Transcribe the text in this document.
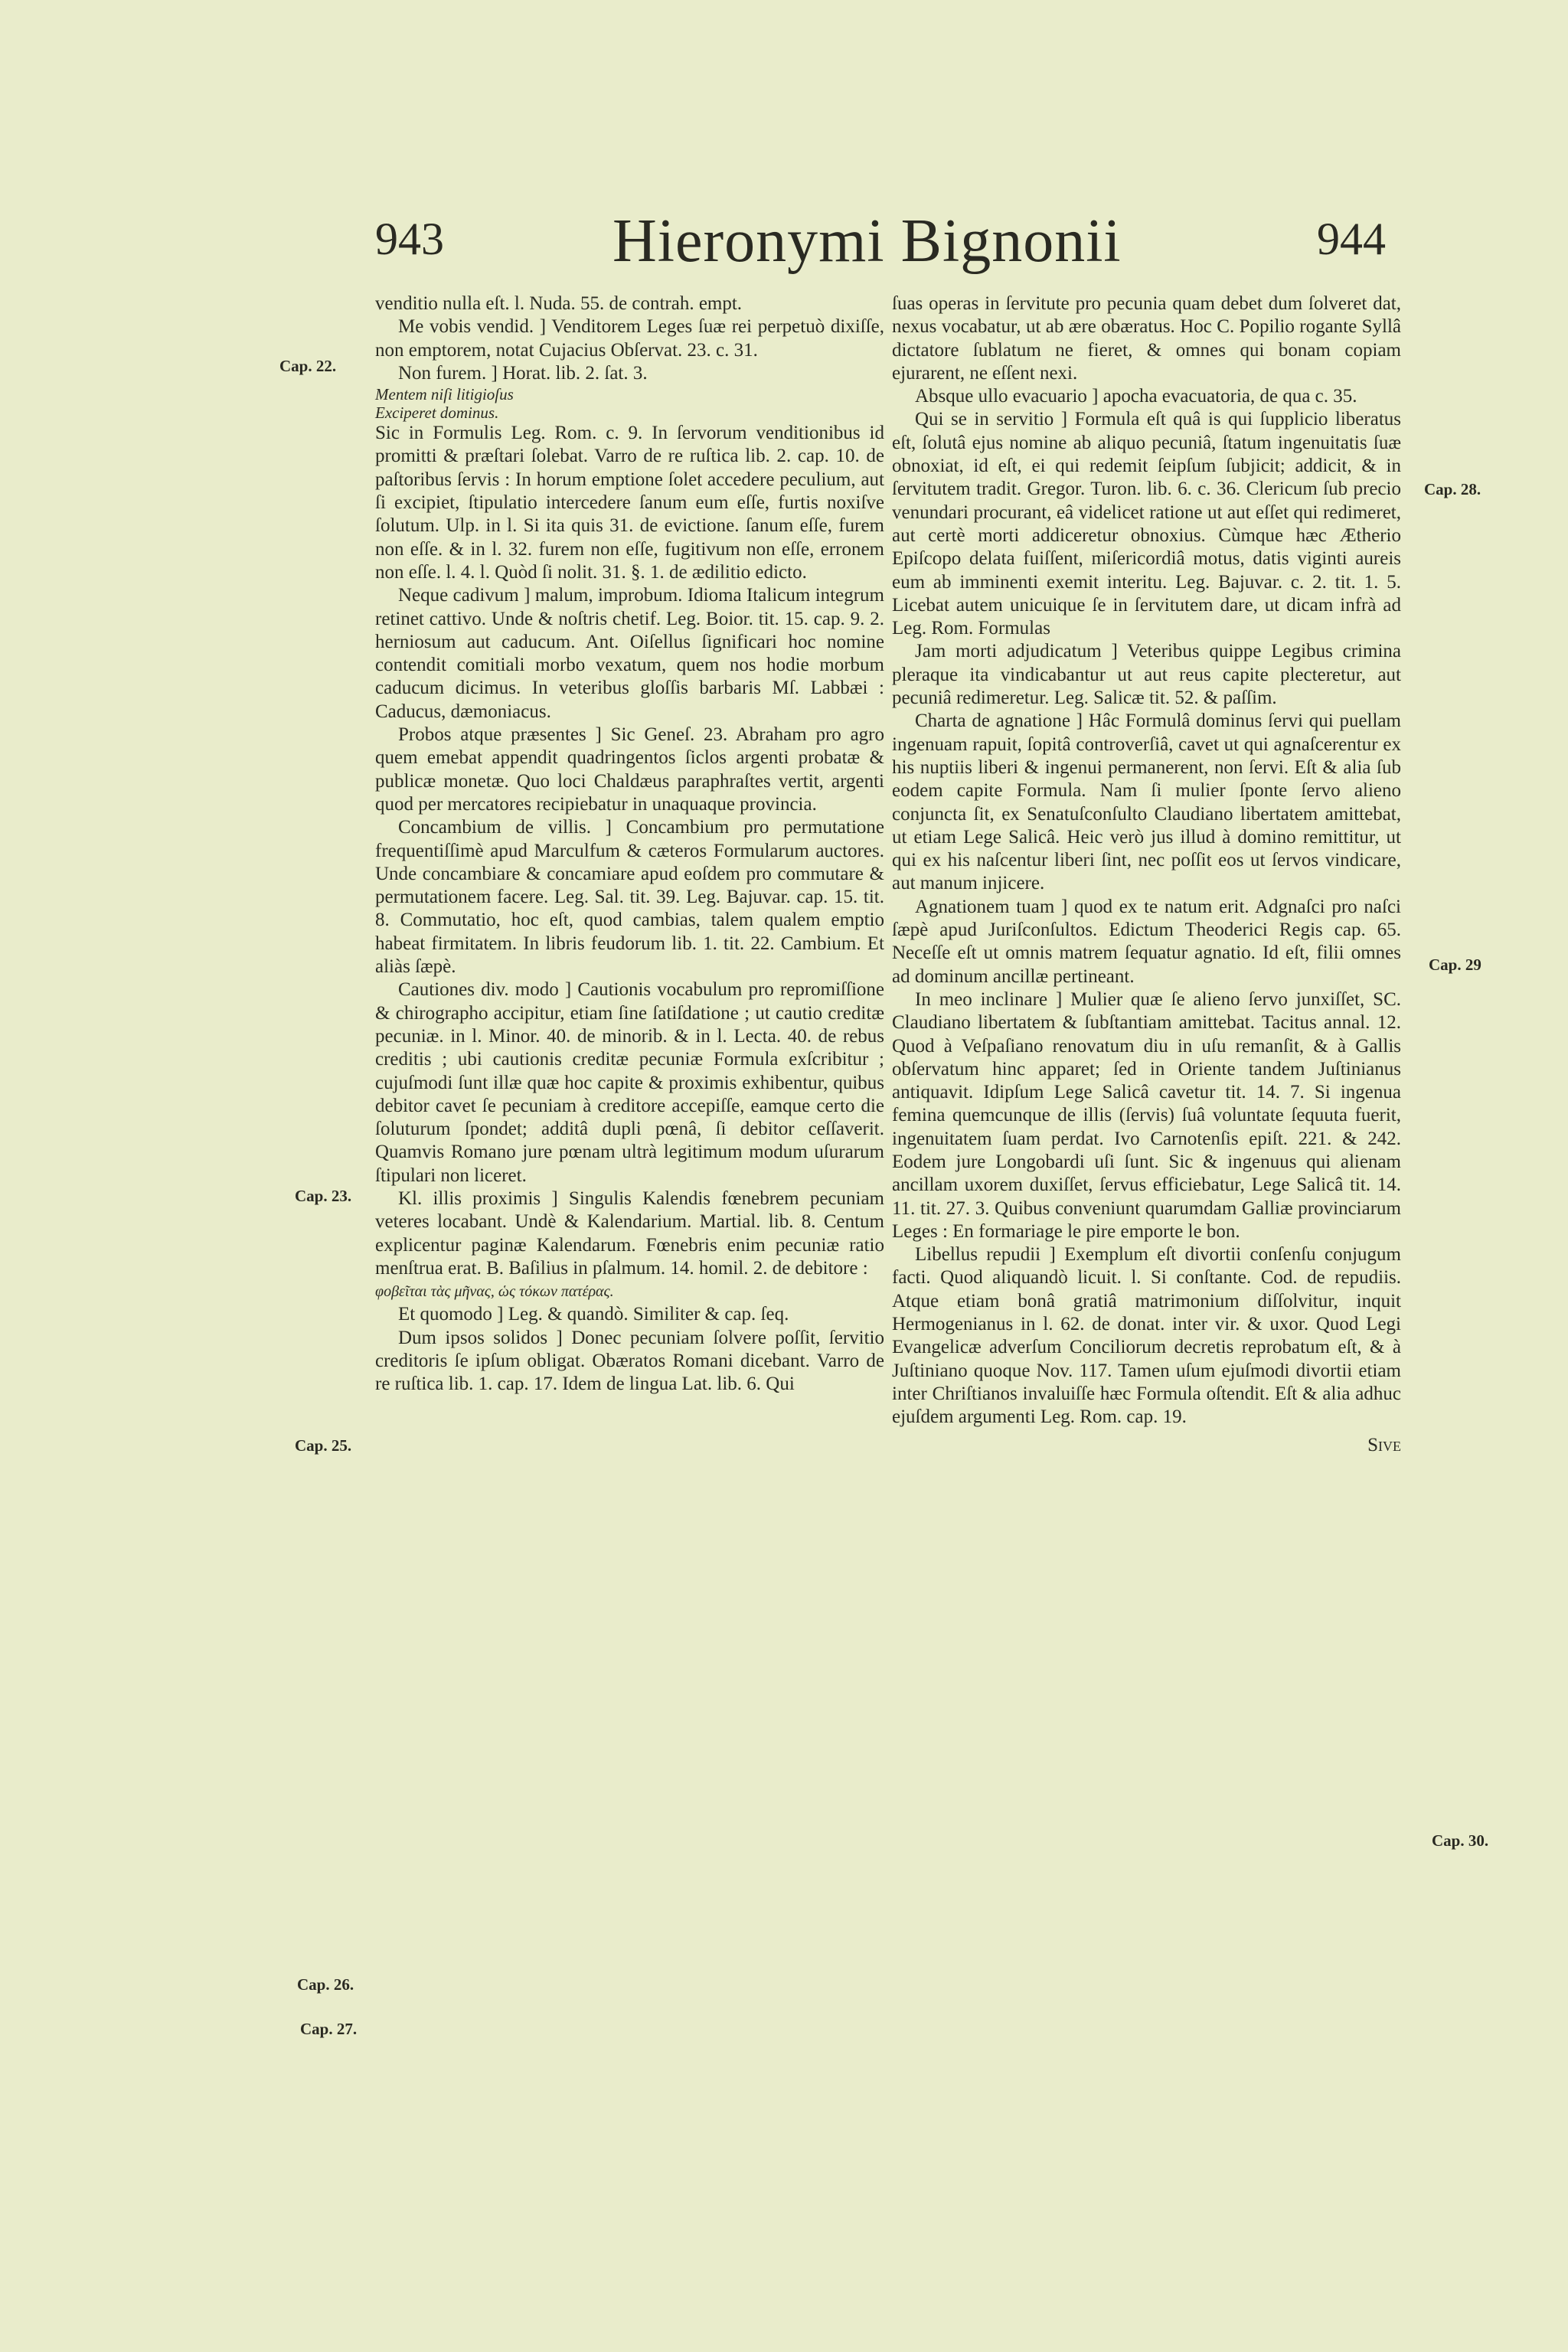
943	Hieronymi Bignonii	944

venditio nulla eſt. l. Nuda. 55. de contrah. empt.

Me vobis vendid. ] Venditorem Leges ſuæ rei perpetuò dixiſſe, non emptorem, notat Cujacius Obſervat. 23. c. 31.

Non furem. ] Horat. lib. 2. ſat. 3.

Mentem niſi litigioſus

Exciperet dominus.

Sic in Formulis Leg. Rom. c. 9. In ſervorum venditionibus id promitti & præſtari ſolebat. Varro de re ruſtica lib. 2. cap. 10. de paſtoribus ſervis : In horum emptione ſolet accedere peculium, aut ſi excipiet, ſtipulatio intercedere ſanum eum eſſe, furtis noxiſve ſolutum. Ulp. in l. Si ita quis 31. de evictione. ſanum eſſe, furem non eſſe. & in l. 32. furem non eſſe, fugitivum non eſſe, erronem non eſſe. l. 4. l. Quòd ſi nolit. 31. §. 1. de ædilitio edicto.

Neque cadivum ] malum, improbum. Idioma Italicum integrum retinet cattivo. Unde & noſtris chetif. Leg. Boior. tit. 15. cap. 9. 2. herniosum aut caducum. Ant. Oiſellus ſignificari hoc nomine contendit comitiali morbo vexatum, quem nos hodie morbum caducum dicimus. In veteribus gloſſis barbaris Mſ. Labbæi : Caducus, dæmoniacus.

Probos atque præsentes ] Sic Geneſ. 23. Abraham pro agro quem emebat appendit quadringentos ſiclos argenti probatæ & publicæ monetæ. Quo loci Chaldæus paraphraſtes vertit, argenti quod per mercatores recipiebatur in unaquaque provincia.

Concambium de villis. ] Concambium pro permutatione frequentiſſimè apud Marculfum & cæteros Formularum auctores. Unde concambiare & concamiare apud eoſdem pro commutare & permutationem facere. Leg. Sal. tit. 39. Leg. Bajuvar. cap. 15. tit. 8. Commutatio, hoc eſt, quod cambias, talem qualem emptio habeat firmitatem. In libris feudorum lib. 1. tit. 22. Cambium. Et aliàs ſæpè.

Cautiones div. modo ] Cautionis vocabulum pro repromiſſione & chirographo accipitur, etiam ſine ſatiſdatione ; ut cautio creditæ pecuniæ. in l. Minor. 40. de minorib. & in l. Lecta. 40. de rebus creditis ; ubi cautionis creditæ pecuniæ Formula exſcribitur ; cujuſmodi ſunt illæ quæ hoc capite & proximis exhibentur, quibus debitor cavet ſe pecuniam à creditore accepiſſe, eamque certo die ſoluturum ſpondet; additâ dupli pœnâ, ſi debitor ceſſaverit. Quamvis Romano jure pœnam ultrà legitimum modum uſurarum ſtipulari non liceret.

Kl. illis proximis ] Singulis Kalendis fœnebrem pecuniam veteres locabant. Undè & Kalendarium. Martial. lib. 8. Centum explicentur paginæ Kalendarum. Fœnebris enim pecuniæ ratio menſtrua erat. B. Baſilius in pſalmum. 14. homil. 2. de debitore :

φοβεῖται τὰς μῆνας, ὡς τόκων πατέρας.

Et quomodo ] Leg. & quandò. Similiter & cap. ſeq.

Dum ipsos solidos ] Donec pecuniam ſolvere poſſit, ſervitio creditoris ſe ipſum obligat. Obæratos Romani dicebant. Varro de re ruſtica lib. 1. cap. 17. Idem de lingua Lat. lib. 6. Qui

ſuas operas in ſervitute pro pecunia quam debet dum ſolveret dat, nexus vocabatur, ut ab ære obæratus. Hoc C. Popilio rogante Syllâ dictatore ſublatum ne fieret, & omnes qui bonam copiam ejurarent, ne eſſent nexi.

Absque ullo evacuario ] apocha evacuatoria, de qua c. 35.

Qui se in servitio ] Formula eſt quâ is qui ſupplicio liberatus eſt, ſolutâ ejus nomine ab aliquo pecuniâ, ſtatum ingenuitatis ſuæ obnoxiat, id eſt, ei qui redemit ſeipſum ſubjicit; addicit, & in ſervitutem tradit. Gregor. Turon. lib. 6. c. 36. Clericum ſub precio venundari procurant, eâ videlicet ratione ut aut eſſet qui redimeret, aut certè morti addiceretur obnoxius. Cùmque hæc Ætherio Epiſcopo delata fuiſſent, miſericordiâ motus, datis viginti aureis eum ab imminenti exemit interitu. Leg. Bajuvar. c. 2. tit. 1. 5. Licebat autem unicuique ſe in ſervitutem dare, ut dicam infrà ad Leg. Rom. Formulas

Jam morti adjudicatum ] Veteribus quippe Legibus crimina pleraque ita vindicabantur ut aut reus capite plecteretur, aut pecuniâ redimeretur. Leg. Salicæ tit. 52. & paſſim.

Charta de agnatione ] Hâc Formulâ dominus ſervi qui puellam ingenuam rapuit, ſopitâ controverſiâ, cavet ut qui agnaſcerentur ex his nuptiis liberi & ingenui permanerent, non ſervi. Eſt & alia ſub eodem capite Formula. Nam ſi mulier ſponte ſervo alieno conjuncta ſit, ex Senatuſconſulto Claudiano libertatem amittebat, ut etiam Lege Salicâ. Heic verò jus illud à domino remittitur, ut qui ex his naſcentur liberi ſint, nec poſſit eos ut ſervos vindicare, aut manum injicere.

Agnationem tuam ] quod ex te natum erit. Adgnaſci pro naſci ſæpè apud Juriſconſultos. Edictum Theoderici Regis cap. 65. Neceſſe eſt ut omnis matrem ſequatur agnatio. Id eſt, filii omnes ad dominum ancillæ pertineant.

In meo inclinare ] Mulier quæ ſe alieno ſervo junxiſſet, SC. Claudiano libertatem & ſubſtantiam amittebat. Tacitus annal. 12. Quod à Veſpaſiano renovatum diu in uſu remanſit, & à Gallis obſervatum hinc apparet; ſed in Oriente tandem Juſtinianus antiquavit. Idipſum Lege Salicâ cavetur tit. 14. 7. Si ingenua femina quemcunque de illis (ſervis) ſuâ voluntate ſequuta fuerit, ingenuitatem ſuam perdat. Ivo Carnotenſis epiſt. 221. & 242. Eodem jure Longobardi uſi ſunt. Sic & ingenuus qui alienam ancillam uxorem duxiſſet, ſervus efficiebatur, Lege Salicâ tit. 14. 11. tit. 27. 3. Quibus conveniunt quarumdam Galliæ provinciarum Leges : En formariage le pire emporte le bon.

Libellus repudii ] Exemplum eſt divortii conſenſu conjugum facti. Quod aliquandò licuit. l. Si conſtante. Cod. de repudiis. Atque etiam bonâ gratiâ matrimonium diſſolvitur, inquit Hermogenianus in l. 62. de donat. inter vir. & uxor. Quod Legi Evangelicæ adverſum Conciliorum decretis reprobatum eſt, & à Juſtiniano quoque Nov. 117. Tamen uſum ejuſmodi divortii etiam inter Chriſtianos invaluiſſe hæc Formula oſtendit. Eſt & alia adhuc ejuſdem argumenti Leg. Rom. cap. 19.

Sive

Cap. 22.
Cap. 23.
Cap. 25.
Cap. 26.
Cap. 27.
Cap. 28.
Cap. 29
Cap. 30.
